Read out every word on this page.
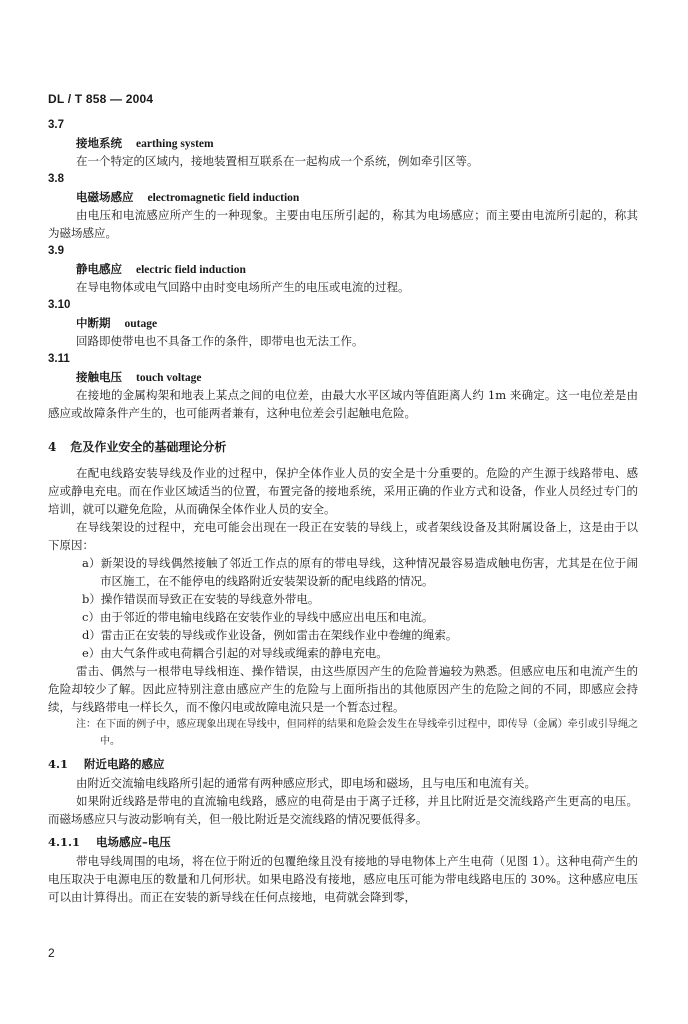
DL / T 858 — 2004
3.7
接地系统 earthing system
在一个特定的区域内，接地装置相互联系在一起构成一个系统，例如牵引区等。
3.8
电磁场感应 electromagnetic field induction
由电压和电流感应所产生的一种现象。主要由电压所引起的，称其为电场感应；而主要由电流所引起的，称其为磁场感应。
3.9
静电感应 electric field induction
在导电物体或电气回路中由时变电场所产生的电压或电流的过程。
3.10
中断期 outage
回路即使带电也不具备工作的条件，即带电也无法工作。
3.11
接触电压 touch voltage
在接地的金属构架和地表上某点之间的电位差，由最大水平区域内等值距离人约 1m 来确定。这一电位差是由感应或故障条件产生的，也可能两者兼有，这种电位差会引起触电危险。
4 危及作业安全的基础理论分析
在配电线路安装导线及作业的过程中，保护全体作业人员的安全是十分重要的。危险的产生源于线路带电、感应或静电充电。而在作业区域适当的位置，布置完备的接地系统，采用正确的作业方式和设备，作业人员经过专门的培训，就可以避免危险，从而确保全体作业人员的安全。
在导线架设的过程中，充电可能会出现在一段正在安装的导线上，或者架线设备及其附属设备上，这是由于以下原因：
a）新架设的导线偶然接触了邻近工作点的原有的带电导线，这种情况最容易造成触电伤害，尤其是在位于闹市区施工，在不能停电的线路附近安装架设新的配电线路的情况。
b）操作错误而导致正在安装的导线意外带电。
c）由于邻近的带电输电线路在安装作业的导线中感应出电压和电流。
d）雷击正在安装的导线或作业设备，例如雷击在架线作业中卷缠的绳索。
e）由大气条件或电荷耦合引起的对导线或绳索的静电充电。
雷击、偶然与一根带电导线相连、操作错误，由这些原因产生的危险普遍较为熟悉。但感应电压和电流产生的危险却较少了解。因此应特别注意由感应产生的危险与上面所指出的其他原因产生的危险之间的不同，即感应会持续，与线路带电一样长久，而不像闪电或故障电流只是一个暂态过程。
注：在下面的例子中，感应现象出现在导线中，但同样的结果和危险会发生在导线牵引过程中，即传导（金属）牵引或引导绳之中。
4.1 附近电路的感应
由附近交流输电线路所引起的通常有两种感应形式，即电场和磁场，且与电压和电流有关。
如果附近线路是带电的直流输电线路，感应的电荷是由于离子迁移，并且比附近是交流线路产生更高的电压。而磁场感应只与波动影响有关，但一般比附近是交流线路的情况要低得多。
4.1.1 电场感应–电压
带电导线周围的电场，将在位于附近的包覆绝缘且没有接地的导电物体上产生电荷（见图 1）。这种电荷产生的电压取决于电源电压的数量和几何形状。如果电路没有接地，感应电压可能为带电线路电压的 30%。这种感应电压可以由计算得出。而正在安装的新导线在任何点接地，电荷就会降到零，
2
